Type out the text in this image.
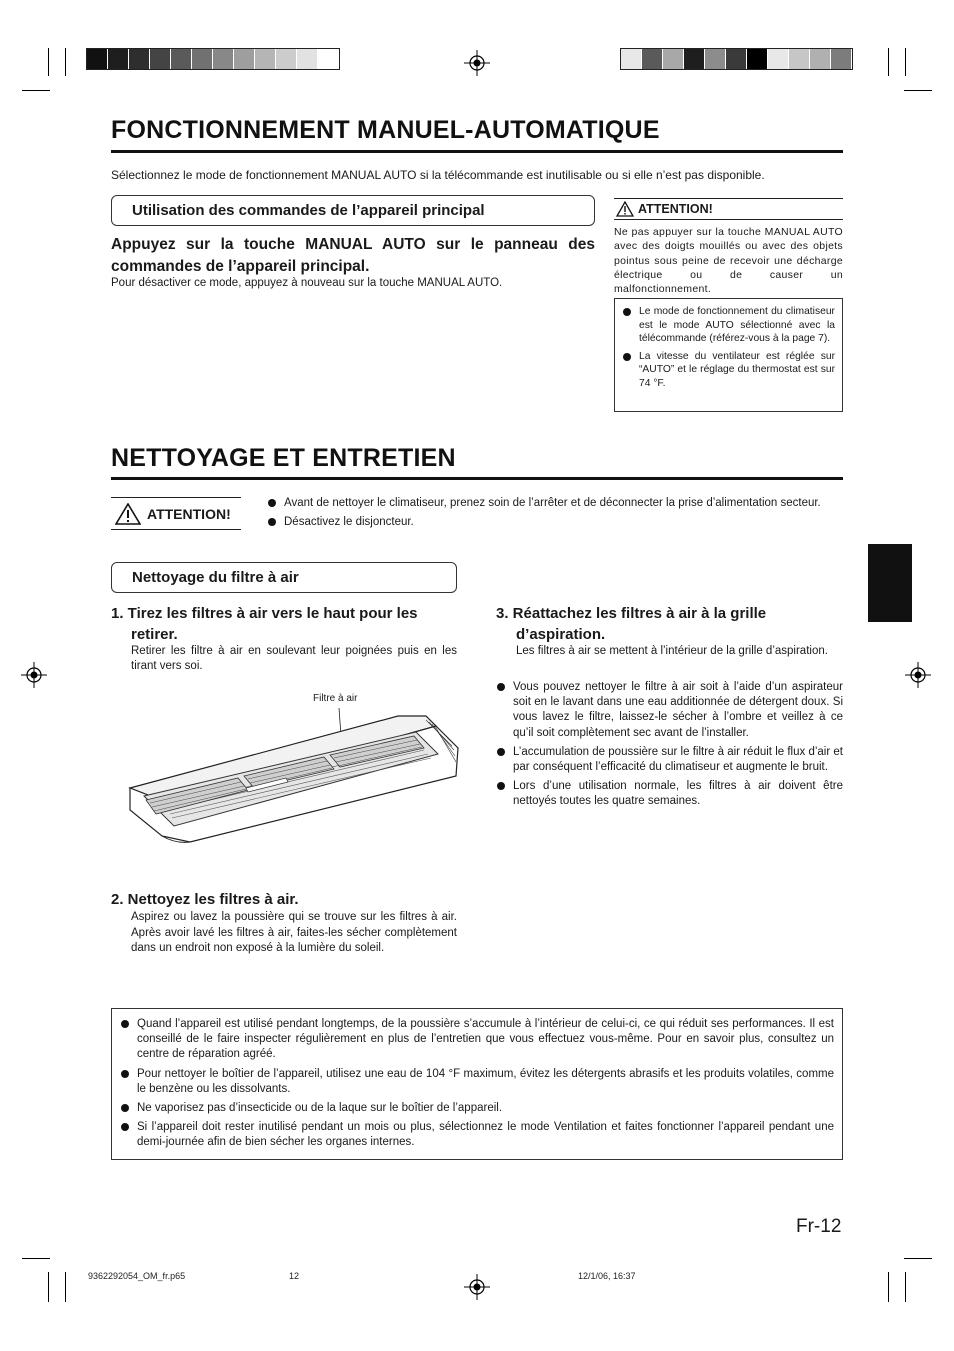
FONCTIONNEMENT MANUEL-AUTOMATIQUE

Sélectionnez le mode de fonctionnement MANUAL AUTO si la télécommande est inutilisable ou si elle n’est pas disponible.

Utilisation des commandes de l’appareil principal

Appuyez sur la touche MANUAL AUTO sur le panneau des commandes de l’appareil principal.

Pour désactiver ce mode, appuyez à nouveau sur la touche MANUAL AUTO.

ATTENTION!

Ne pas appuyer sur la touche MANUAL AUTO avec des doigts mouillés ou avec des objets pointus sous peine de recevoir une décharge électrique ou de causer un malfonctionnement.

Le mode de fonctionnement du climatiseur est le mode AUTO sélectionné avec la télécommande (référez-vous à la page 7).

La vitesse du ventilateur est réglée sur “AUTO” et le réglage du thermostat est sur 74 °F.

NETTOYAGE ET ENTRETIEN
ATTENTION!

Avant de nettoyer le climatiseur, prenez soin de l’arrêter et de déconnecter la prise d’alimentation secteur.

Désactivez le disjoncteur.

Nettoyage du filtre à air

1. Tirez les filtres à air vers le haut pour les retirer.

Retirer les filtre à air en soulevant leur poignées puis en les tirant vers soi.

Filtre à air

2. Nettoyez les filtres à air.

Aspirez ou lavez la poussière qui se trouve sur les filtres à air. Après avoir lavé les filtres à air, faites-les sécher complètement dans un endroit non exposé à la lumière du soleil.

3. Réattachez les filtres à air à la grille d’aspiration.

Les filtres à air se mettent à l’intérieur de la grille d’aspiration.

Vous pouvez nettoyer le filtre à air soit à l’aide d’un aspirateur soit en le lavant dans une eau additionnée de détergent doux. Si vous lavez le filtre, laissez-le sécher à l’ombre et veillez à ce qu’il soit complètement sec avant de l’installer.

L’accumulation de poussière sur le filtre à air réduit le flux d’air et par conséquent l’efficacité du climatiseur et augmente le bruit.

Lors d’une utilisation normale, les filtres à air doivent être nettoyés toutes les quatre semaines.

Quand l’appareil est utilisé pendant longtemps, de la poussière s’accumule à l’intérieur de celui-ci, ce qui réduit ses performances. Il est conseillé de le faire inspecter régulièrement en plus de l’entretien que vous effectuez vous-même. Pour en savoir plus, consultez un centre de réparation agréé.

Pour nettoyer le boîtier de l’appareil, utilisez une eau de 104 °F maximum, évitez les détergents abrasifs et les produits volatiles, comme le benzène ou les dissolvants.

Ne vaporisez pas d’insecticide ou de la laque sur le boîtier de l’appareil.

Si l’appareil doit rester inutilisé pendant un mois ou plus, sélectionnez le mode Ventilation et faites fonctionner l’appareil pendant une demi-journée afin de bien sécher les organes internes.

Fr-12
9362292054_OM_fr.p65	12	12/1/06, 16:37
